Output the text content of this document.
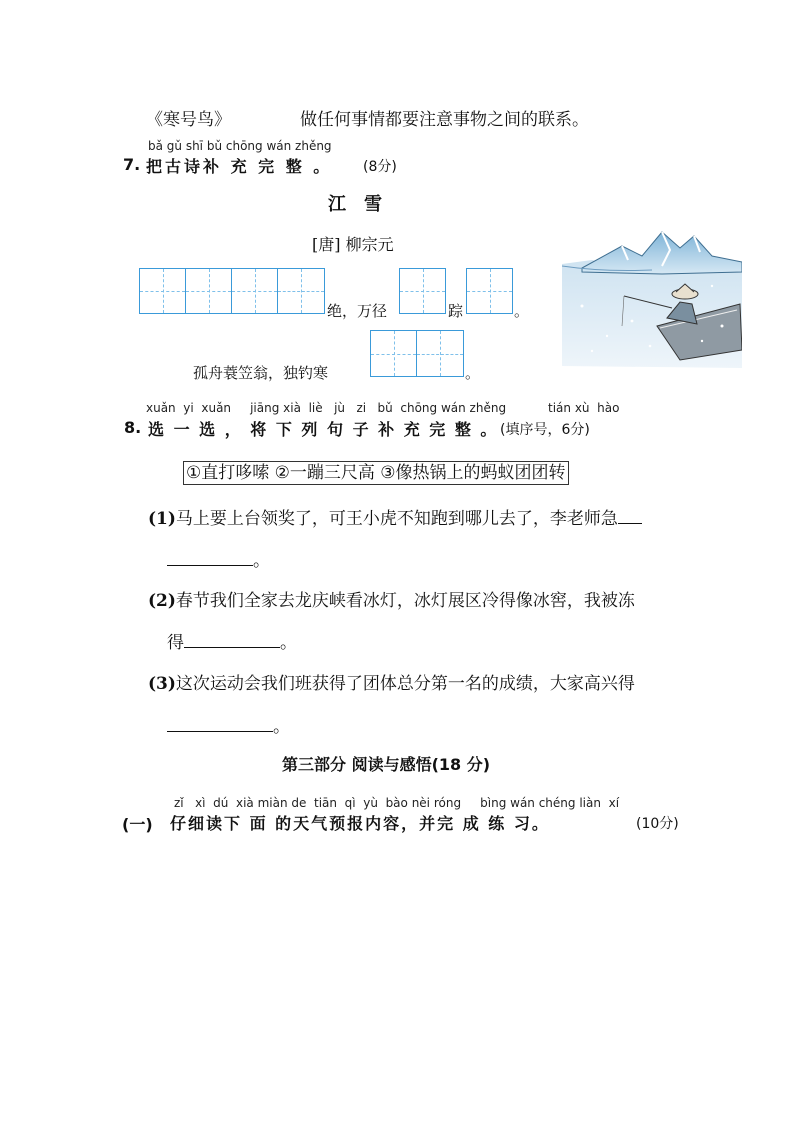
《寒号鸟》	做任何事情都要注意事物之间的联系。
bǎ gǔ shī bǔ chōng wán zhěng
7. 把古诗补 充 完 整 。 (8分)
江　雪
[唐] 柳宗元
绝，万径	踪	。
孤舟蓑笠翁，独钓寒	。
xuǎn  yi  xuǎn     jiāng xià  liè   jù   zi   bǔ  chōng wán zhěng           tián xù  hào
8. 选 一 选 ， 将 下 列 句 子 补 充 完 整 。 (填序号，6分)
①直打哆嗦 ②一蹦三尺高 ③像热锅上的蚂蚁团团转
(1)马上要上台领奖了，可王小虎不知跑到哪儿去了，李老师急
。
(2)春节我们全家去龙庆峡看冰灯，冰灯展区冷得像冰窖，我被冻
得	。
(3)这次运动会我们班获得了团体总分第一名的成绩，大家高兴得
。
第三部分 阅读与感悟(18 分)
zǐ   xì  dú  xià miàn de  tiān  qì  yù  bào nèi róng     bìng wán chéng liàn  xí
(一) 仔细读下 面 的天气预报内容，并完 成 练 习。	(10分)
